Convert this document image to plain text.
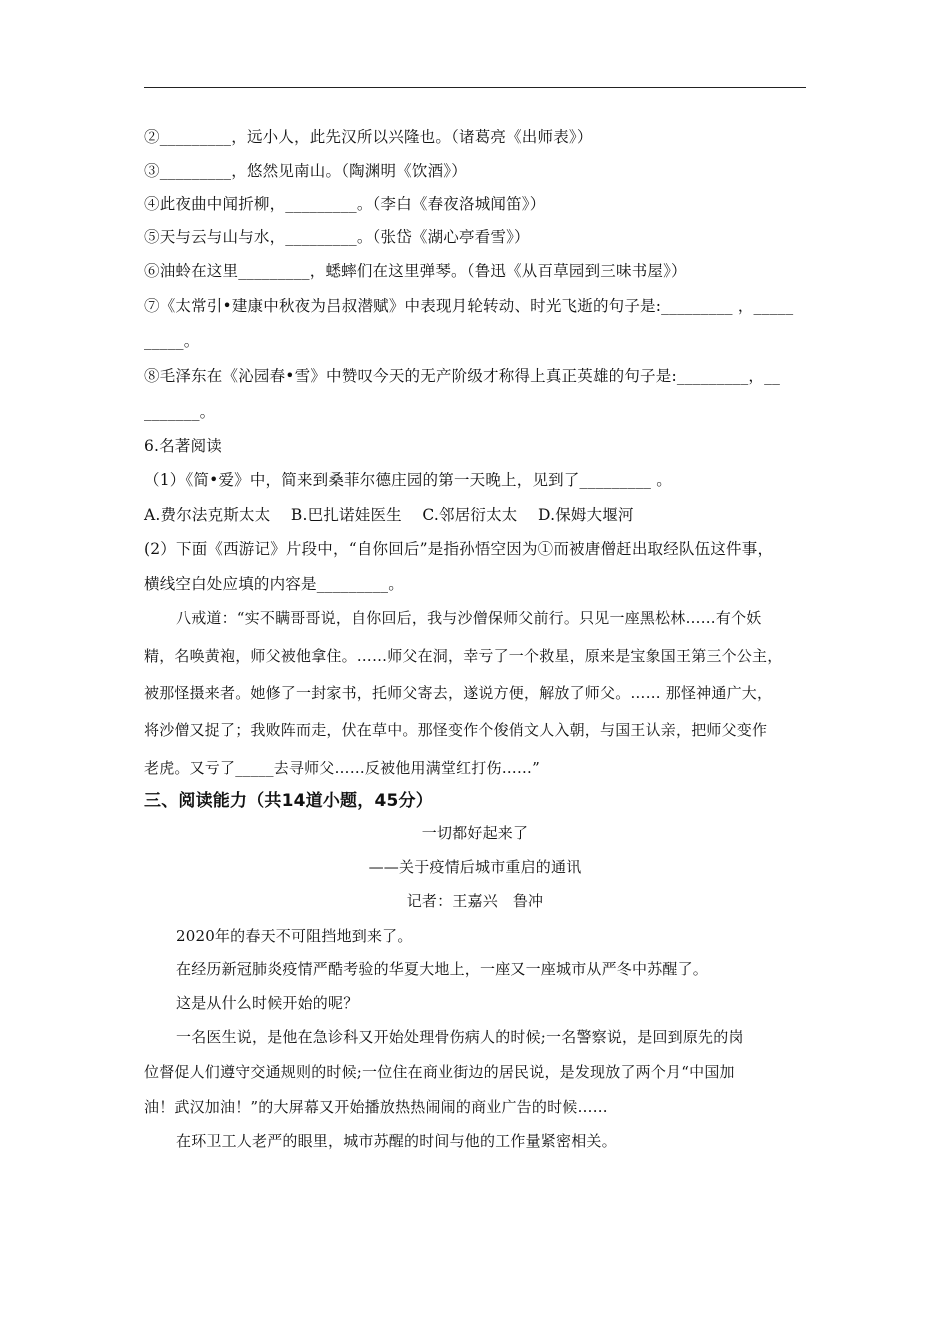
②_________，远小人，此先汉所以兴隆也。（诸葛亮《出师表》）
③_________，悠然见南山。（陶渊明《饮酒》）
④此夜曲中闻折柳，_________。（李白《春夜洛城闻笛》）
⑤天与云与山与水，_________。（张岱《湖心亭看雪》）
⑥油蛉在这里_________，蟋蟀们在这里弹琴。（鲁迅《从百草园到三味书屋》）
⑦《太常引•建康中秋夜为吕叔潜赋》中表现月轮转动、时光飞逝的句子是:_________ ，_____
_____。
⑧毛泽东在《沁园春•雪》中赞叹今天的无产阶级才称得上真正英雄的句子是:_________，__
_______。
6.名著阅读
（1）《简•爱》中，简来到桑菲尔德庄园的第一天晚上，见到了_________ 。
A.费尔法克斯太太    B.巴扎诺娃医生    C.邻居衍太太    D.保姆大堰河
(2）下面《西游记》片段中，“自你回后”是指孙悟空因为①而被唐僧赶出取经队伍这件事，
横线空白处应填的内容是_________。
八戒道：“实不瞒哥哥说，自你回后，我与沙僧保师父前行。只见一座黑松林……有个妖
精，名唤黄袍，师父被他拿住。……师父在洞，幸亏了一个救星，原来是宝象国王第三个公主，
被那怪摄来者。她修了一封家书，托师父寄去，遂说方便，解放了师父。…… 那怪神通广大，
将沙僧又捉了；我败阵而走，伏在草中。那怪变作个俊俏文人入朝，与国王认亲，把师父变作
老虎。又亏了_____去寻师父……反被他用满堂红打伤……”
三、阅读能力（共14道小题，45分）
一切都好起来了
——关于疫情后城市重启的通讯
记者：王嘉兴   鲁冲
2020年的春天不可阻挡地到来了。
在经历新冠肺炎疫情严酷考验的华夏大地上，一座又一座城市从严冬中苏醒了。
这是从什么时候开始的呢？
一名医生说，是他在急诊科又开始处理骨伤病人的时候;一名警察说，是回到原先的岗
位督促人们遵守交通规则的时候;一位住在商业街边的居民说，是发现放了两个月“中国加
油！武汉加油！”的大屏幕又开始播放热热闹闹的商业广告的时候……
在环卫工人老严的眼里，城市苏醒的时间与他的工作量紧密相关。
